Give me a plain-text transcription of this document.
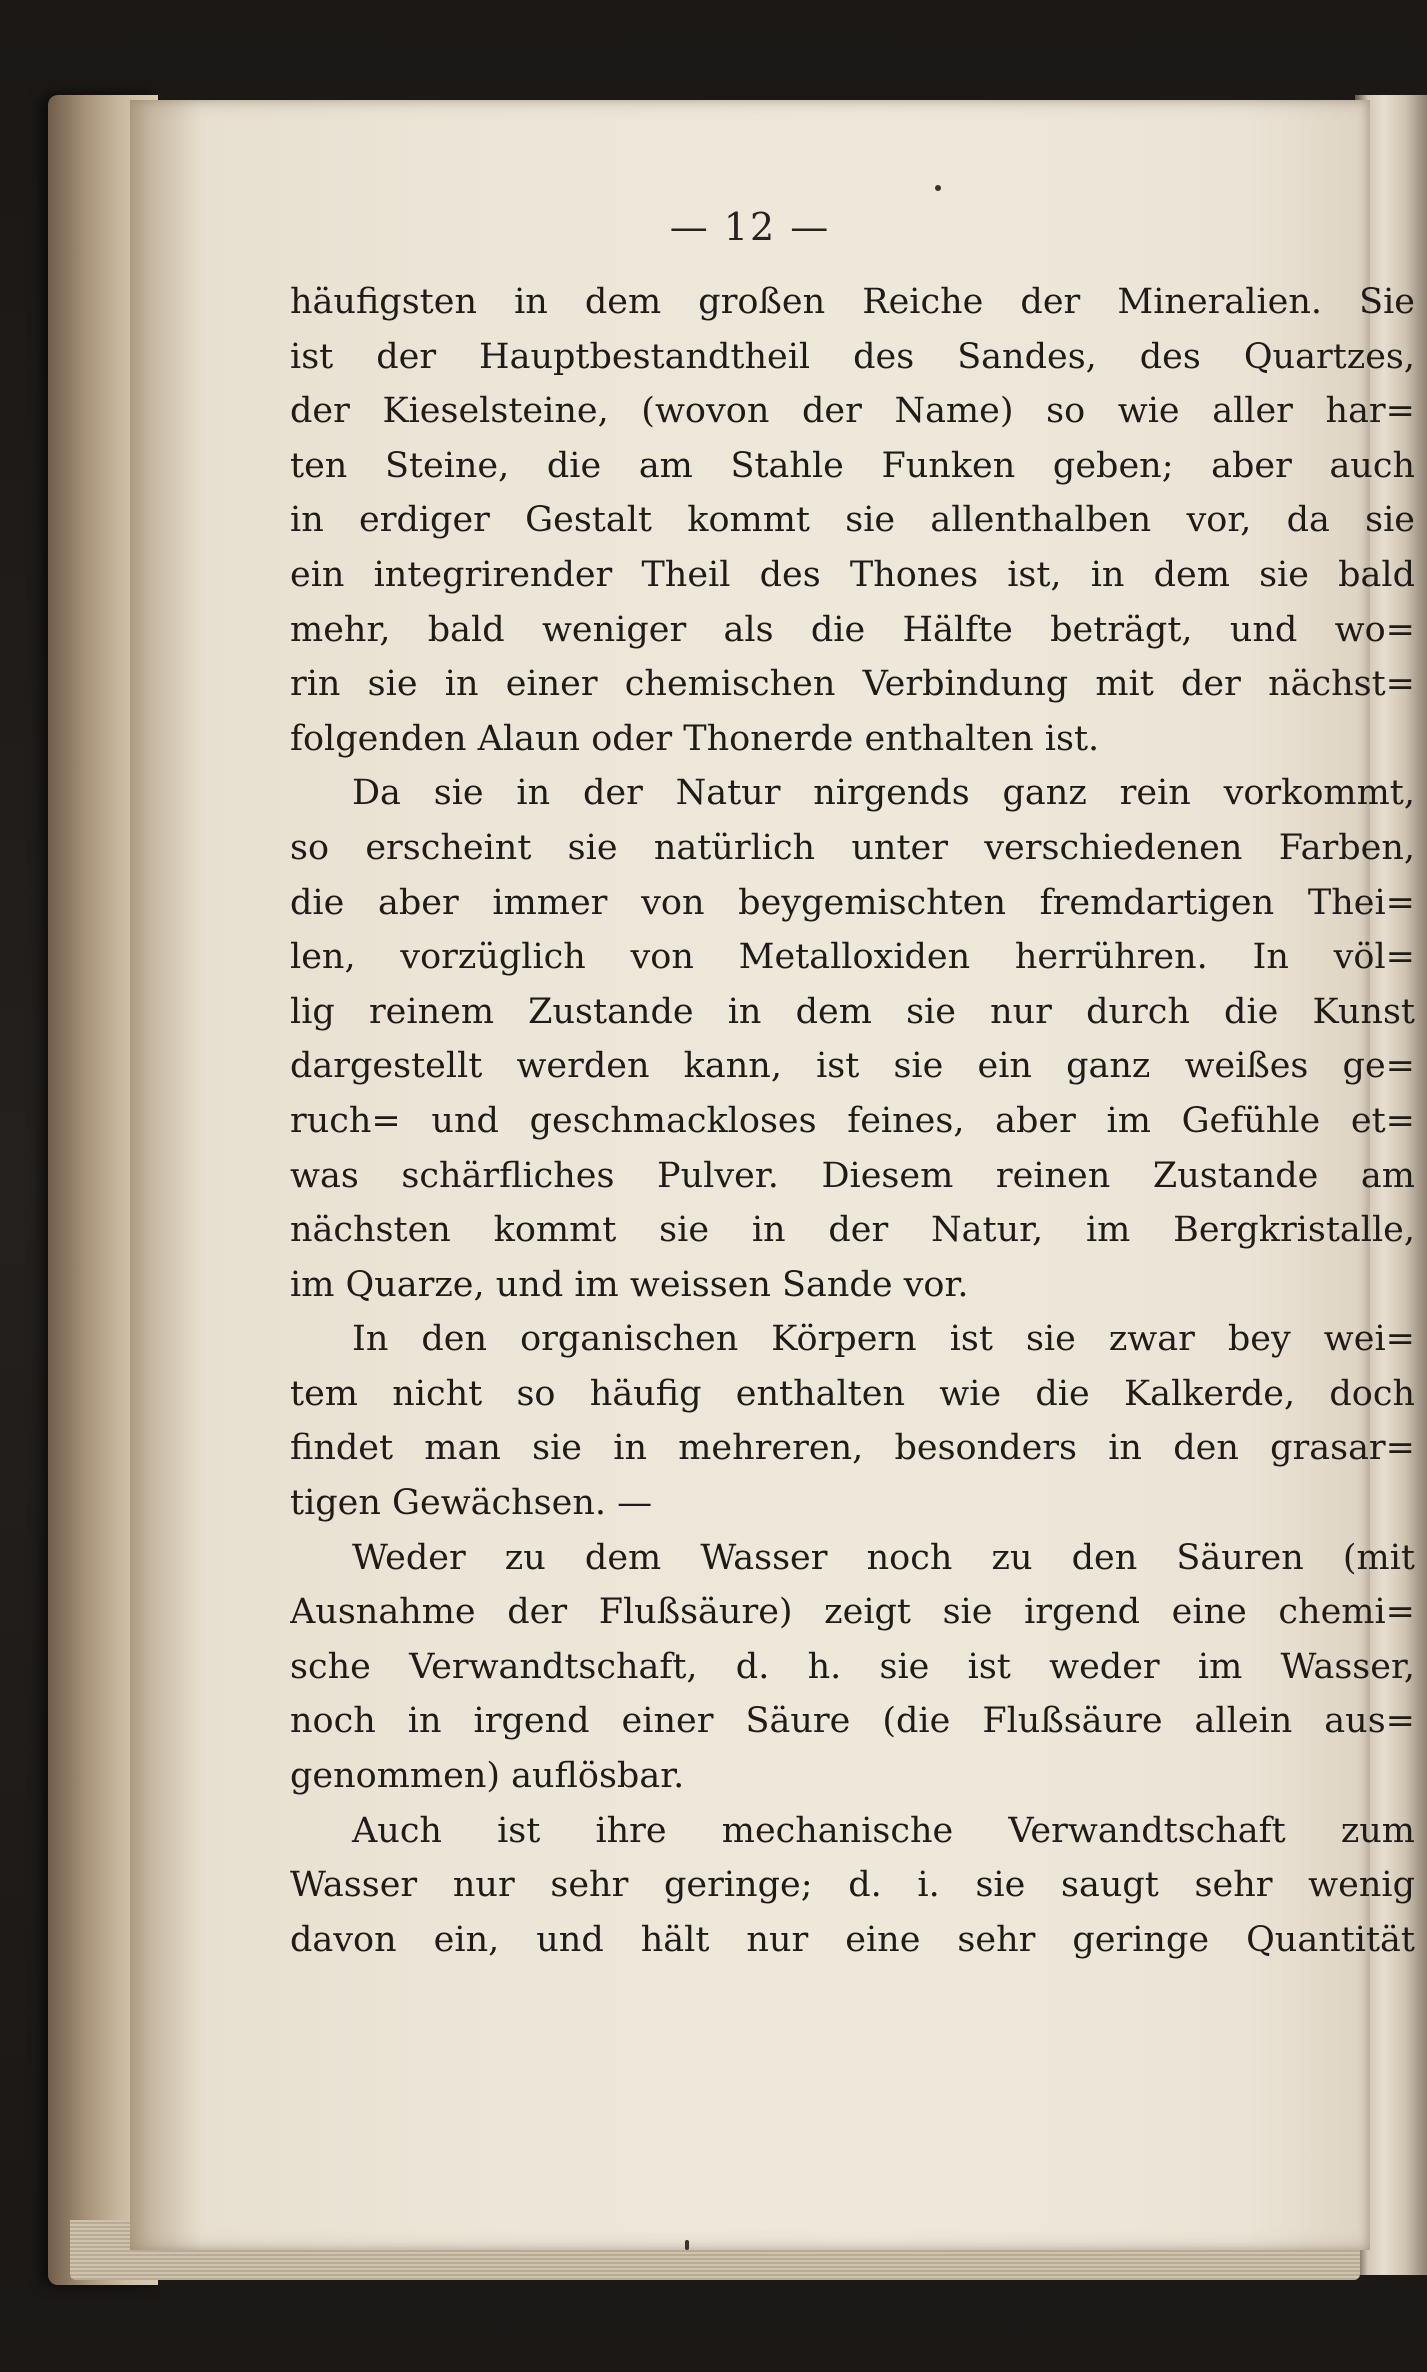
— 12 —
häufigsten in dem großen Reiche der Mineralien. Sie
ist der Hauptbestandtheil des Sandes, des Quartzes,
der Kieselsteine, (wovon der Name) so wie aller har=
ten Steine, die am Stahle Funken geben; aber auch
in erdiger Gestalt kommt sie allenthalben vor, da sie
ein integrirender Theil des Thones ist, in dem sie bald
mehr, bald weniger als die Hälfte beträgt, und wo=
rin sie in einer chemischen Verbindung mit der nächst=
folgenden Alaun oder Thonerde enthalten ist.
Da sie in der Natur nirgends ganz rein vorkommt,
so erscheint sie natürlich unter verschiedenen Farben,
die aber immer von beygemischten fremdartigen Thei=
len, vorzüglich von Metalloxiden herrühren. In völ=
lig reinem Zustande in dem sie nur durch die Kunst
dargestellt werden kann, ist sie ein ganz weißes ge=
ruch= und geschmackloses feines, aber im Gefühle et=
was schärfliches Pulver. Diesem reinen Zustande am
nächsten kommt sie in der Natur, im Bergkristalle,
im Quarze, und im weissen Sande vor.
In den organischen Körpern ist sie zwar bey wei=
tem nicht so häufig enthalten wie die Kalkerde, doch
findet man sie in mehreren, besonders in den grasar=
tigen Gewächsen. —
Weder zu dem Wasser noch zu den Säuren (mit
Ausnahme der Flußsäure) zeigt sie irgend eine chemi=
sche Verwandtschaft, d. h. sie ist weder im Wasser,
noch in irgend einer Säure (die Flußsäure allein aus=
genommen) auflösbar.
Auch ist ihre mechanische Verwandtschaft zum
Wasser nur sehr geringe; d. i. sie saugt sehr wenig
davon ein, und hält nur eine sehr geringe Quantität
